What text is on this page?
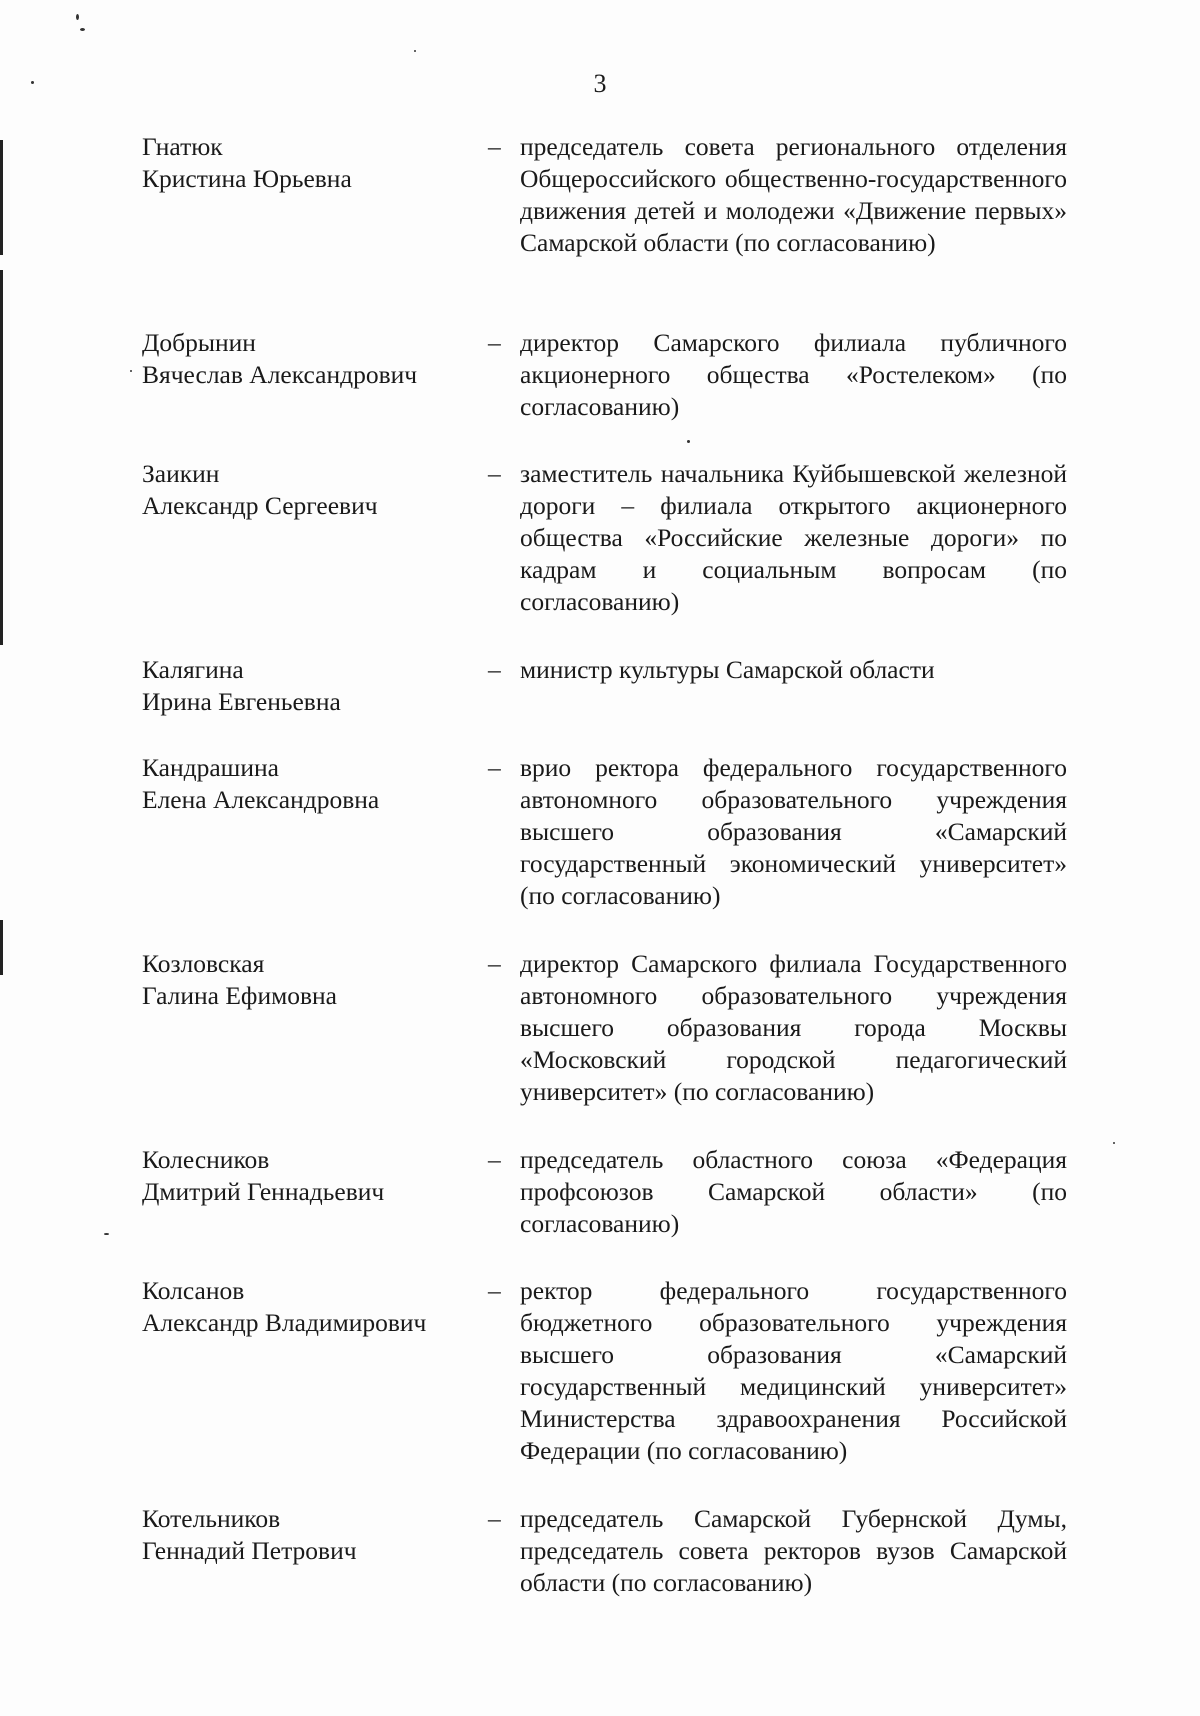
3
Гнатюк
Кристина Юрьевна
– председатель совета регионального отделения Общероссийского общественно-государственного движения детей и молодежи «Движение первых» Самарской области (по согласованию)
Добрынин
Вячеслав Александрович
– директор Самарского филиала публичного акционерного общества «Ростелеком» (по согласованию)
Заикин
Александр Сергеевич
– заместитель начальника Куйбышевской железной дороги – филиала открытого акционерного общества «Российские железные дороги» по кадрам и социальным вопросам (по согласованию)
Калягина
Ирина Евгеньевна
– министр культуры Самарской области
Кандрашина
Елена Александровна
– врио ректора федерального государственного автономного образовательного учреждения высшего образования «Самарский государственный экономический университет» (по согласованию)
Козловская
Галина Ефимовна
– директор Самарского филиала Государственного автономного образовательного учреждения высшего образования города Москвы «Московский городской педагогический университет» (по согласованию)
Колесников
Дмитрий Геннадьевич
– председатель областного союза «Федерация профсоюзов Самарской области» (по согласованию)
Колсанов
Александр Владимирович
– ректор федерального государственного бюджетного образовательного учреждения высшего образования «Самарский государственный медицинский университет» Министерства здравоохранения Российской Федерации (по согласованию)
Котельников
Геннадий Петрович
– председатель Самарской Губернской Думы, председатель совета ректоров вузов Самарской области (по согласованию)
